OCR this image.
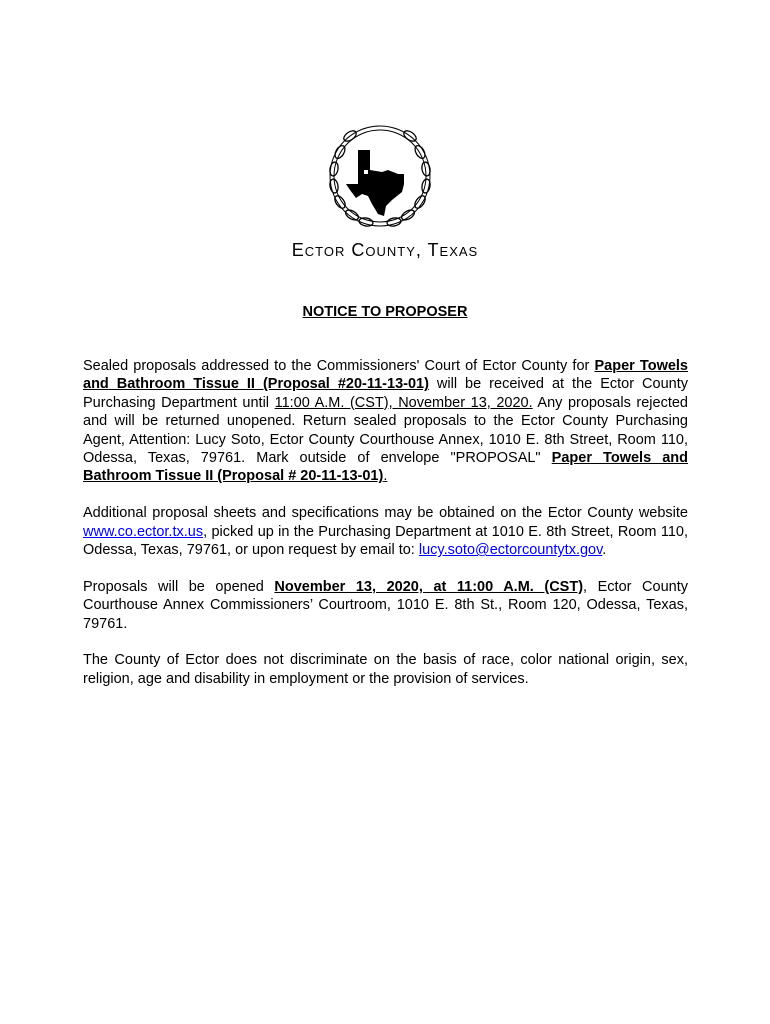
Ector County, Texas
NOTICE TO PROPOSER

Sealed proposals addressed to the Commissioners' Court of Ector County for Paper Towels and Bathroom Tissue II (Proposal #20-11-13-01) will be received at the Ector County Purchasing Department until 11:00 A.M. (CST), November 13, 2020. Any proposals rejected and will be returned unopened. Return sealed proposals to the Ector County Purchasing Agent, Attention: Lucy Soto, Ector County Courthouse Annex, 1010 E. 8th Street, Room 110, Odessa, Texas, 79761. Mark outside of envelope "PROPOSAL" Paper Towels and Bathroom Tissue II (Proposal # 20-11-13-01).

Additional proposal sheets and specifications may be obtained on the Ector County website www.co.ector.tx.us, picked up in the Purchasing Department at 1010 E. 8th Street, Room 110, Odessa, Texas, 79761, or upon request by email to: lucy.soto@ectorcountytx.gov.

Proposals will be opened November 13, 2020, at 11:00 A.M. (CST), Ector County Courthouse Annex Commissioners’ Courtroom, 1010 E. 8th St., Room 120, Odessa, Texas, 79761.

The County of Ector does not discriminate on the basis of race, color national origin, sex, religion, age and disability in employment or the provision of services.
